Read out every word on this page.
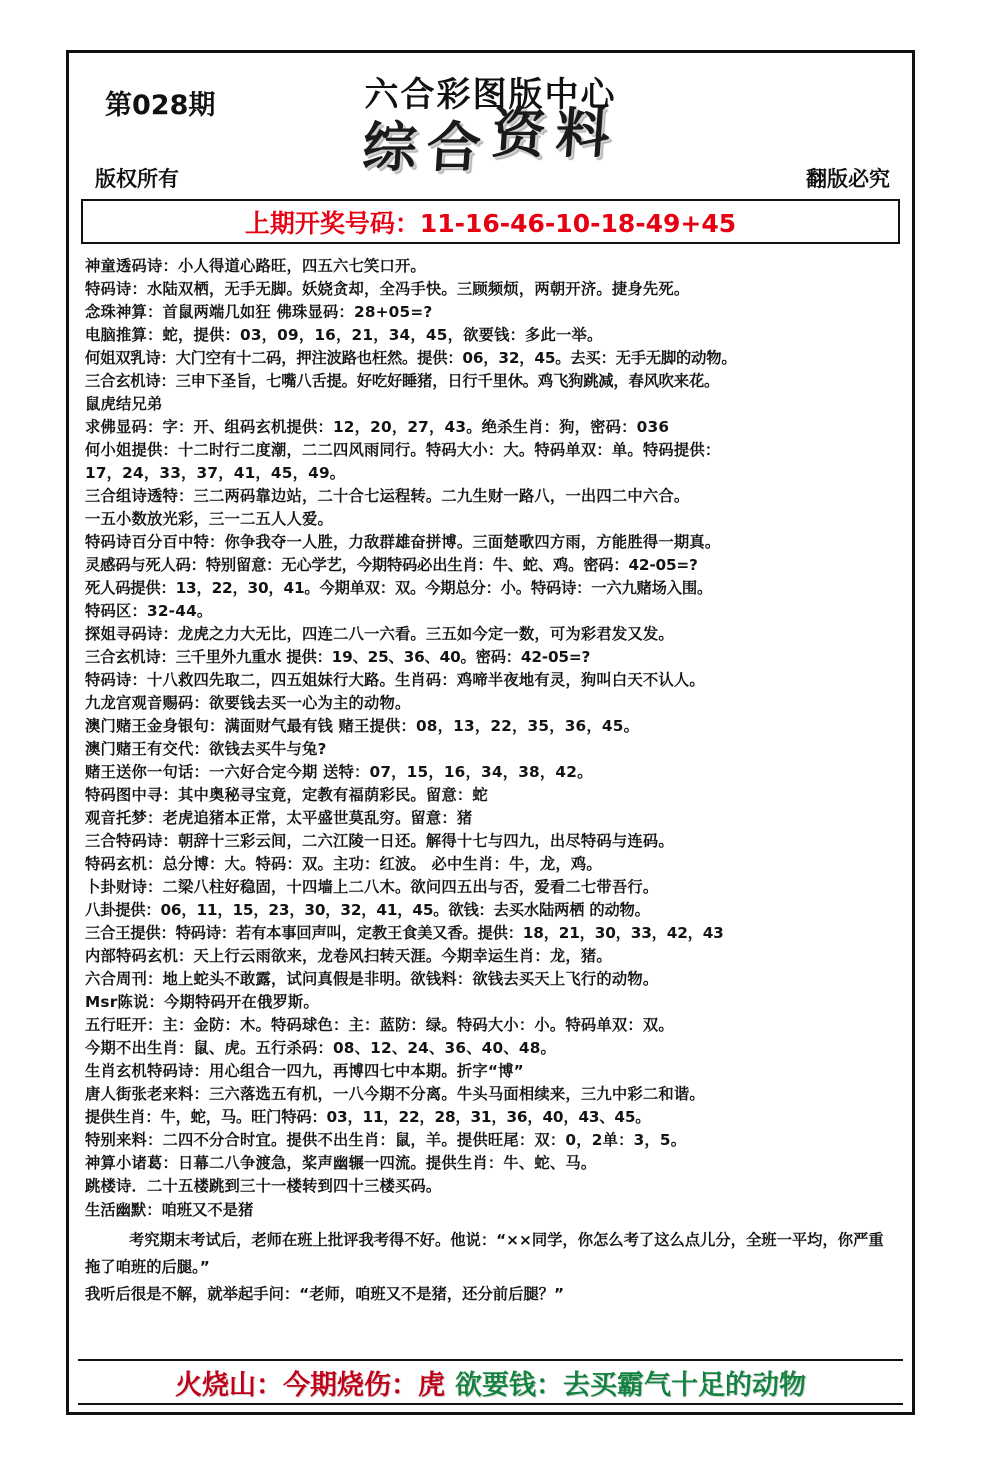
第028期	六合彩图版中心
综合资料
版权所有	翻版必究
上期开奖号码：11-16-46-10-18-49+45
神童透码诗：小人得道心路旺，四五六七笑口开。
特码诗：水陆双栖，无手无脚。妖娆贪却，全冯手快。三顾频烦，两朝开济。捷身先死。
念珠神算：首鼠两端几如狂 佛珠显码：28+05=?
电脑推算：蛇，提供：03，09，16，21，34，45，欲要钱：多此一举。
何姐双乳诗：大门空有十二码，押注波路也枉然。提供：06，32，45。去买：无手无脚的动物。
三合玄机诗：三申下圣旨，七嘴八舌提。好吃好睡猪，日行千里休。鸡飞狗跳减，春风吹来花。
鼠虎结兄弟
求佛显码：字：开、组码玄机提供：12，20，27，43。绝杀生肖：狗，密码：036
何小姐提供：十二时行二度潮，二二四风雨同行。特码大小：大。特码单双：单。特码提供：
17，24，33，37，41，45，49。
三合组诗透特：三二两码靠边站，二十合七运程转。二九生财一路八，一出四二中六合。
一五小数放光彩，三一二五人人爱。
特码诗百分百中特：你争我夺一人胜，力敌群雄奋拼博。三面楚歌四方雨，方能胜得一期真。
灵感码与死人码：特别留意：无心学艺，今期特码必出生肖：牛、蛇、鸡。密码：42-05=?
死人码提供：13，22，30，41。今期单双：双。今期总分：小。特码诗：一六九赌场入围。
特码区：32-44。
探姐寻码诗：龙虎之力大无比，四连二八一六看。三五如今定一数，可为彩君发又发。
三合玄机诗：三千里外九重水 提供：19、25、36、40。密码：42-05=?
特码诗：十八救四先取二，四五姐妹行大路。生肖码：鸡啼半夜地有灵，狗叫白天不认人。
九龙宫观音赐码：欲要钱去买一心为主的动物。
澳门赌王金身银句：满面财气最有钱 赌王提供：08，13，22，35，36，45。
澳门赌王有交代：欲钱去买牛与兔?
赌王送你一句话：一六好合定今期 送特：07，15，16，34，38，42。
特码图中寻：其中奥秘寻宝竟，定教有福荫彩民。留意：蛇
观音托梦：老虎追猪本正常，太平盛世莫乱穷。留意：猪
三合特码诗：朝辞十三彩云间，二六江陵一日还。解得十七与四九，出尽特码与连码。
特码玄机：总分博：大。特码：双。主功：红波。 必中生肖：牛，龙，鸡。
卜卦财诗：二梁八柱好稳固，十四墙上二八木。欲问四五出与否，爱看二七带吾行。
八卦提供：06，11，15，23，30，32，41，45。欲钱：去买水陆两栖 的动物。
三合王提供：特码诗：若有本事回声叫，定教王食美又香。提供：18，21，30，33，42，43
内部特码玄机：天上行云雨欲来，龙卷风扫转天涯。今期幸运生肖：龙，猪。
六合周刊：地上蛇头不敢露，试问真假是非明。欲钱料：欲钱去买天上飞行的动物。
Msr陈说：今期特码开在俄罗斯。
五行旺开：主：金防：木。特码球色：主：蓝防：绿。特码大小：小。特码单双：双。
今期不出生肖：鼠、虎。五行杀码：08、12、24、36、40、48。
生肖玄机特码诗：用心组合一四九，再博四七中本期。折字“博”
唐人街张老来料：三六落选五有机，一八今期不分离。牛头马面相续来，三九中彩二和谐。
提供生肖：牛，蛇，马。旺门特码：03，11，22，28，31，36，40，43、45。
特别来料：二四不分合时宜。提供不出生肖：鼠，羊。提供旺尾：双：0，2单：3，5。
神算小诸葛：日幕二八争渡急，桨声幽辗一四流。提供生肖：牛、蛇、马。
跳楼诗．二十五楼跳到三十一楼转到四十三楼买码。
生活幽默：咱班又不是猪
考究期末考试后，老师在班上批评我考得不好。他说：“××同学，你怎么考了这么点儿分，全班一平均，你严重拖了咱班的后腿。”
我听后很是不解，就举起手问：“老师，咱班又不是猪，还分前后腿？”
火烧山：今期烧伤：虎 欲要钱：去买霸气十足的动物
